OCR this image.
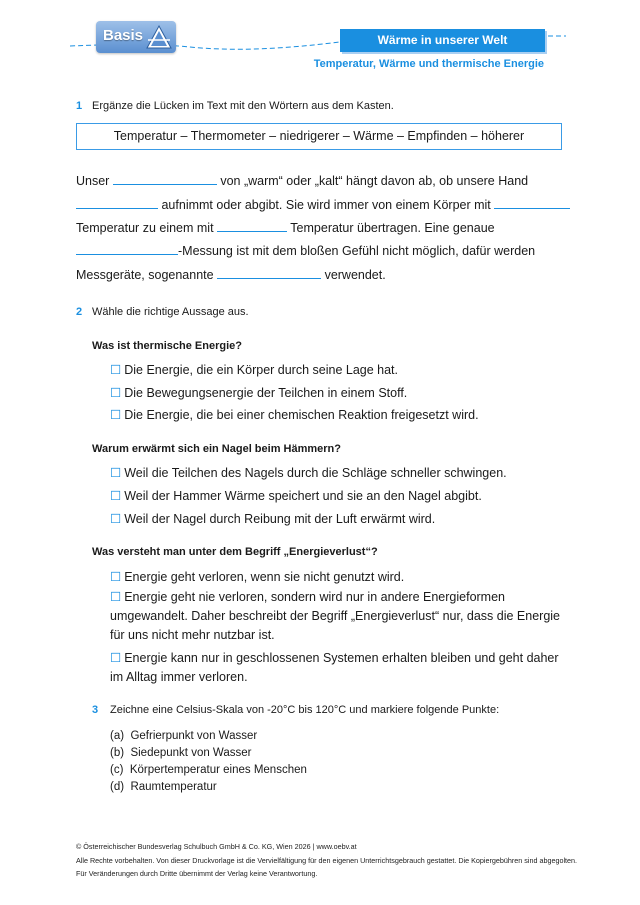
Basis	Wärme in unserer Welt
Temperatur, Wärme und thermische Energie
1 Ergänze die Lücken im Text mit den Wörtern aus dem Kasten.
Temperatur – Thermometer – niedrigerer – Wärme – Empfinden – höherer
Unser	von „warm“ oder „kalt“ hängt davon ab, ob unsere Hand
aufnimmt oder abgibt. Sie wird immer von einem Körper mit
Temperatur zu einem mit	Temperatur übertragen. Eine genaue
-Messung ist mit dem bloßen Gefühl nicht möglich, dafür werden
Messgeräte, sogenannte	verwendet.
2 Wähle die richtige Aussage aus.
Was ist thermische Energie?
☐ Die Energie, die ein Körper durch seine Lage hat.
☐ Die Bewegungsenergie der Teilchen in einem Stoff.
☐ Die Energie, die bei einer chemischen Reaktion freigesetzt wird.
Warum erwärmt sich ein Nagel beim Hämmern?
☐ Weil die Teilchen des Nagels durch die Schläge schneller schwingen.
☐ Weil der Hammer Wärme speichert und sie an den Nagel abgibt.
☐ Weil der Nagel durch Reibung mit der Luft erwärmt wird.
Was versteht man unter dem Begriff „Energieverlust“?
☐ Energie geht verloren, wenn sie nicht genutzt wird.
☐ Energie geht nie verloren, sondern wird nur in andere Energieformen umgewandelt. Daher beschreibt der Begriff „Energieverlust“ nur, dass die Energie für uns nicht mehr nutzbar ist.
☐ Energie kann nur in geschlossenen Systemen erhalten bleiben und geht daher im Alltag immer verloren.
3 Zeichne eine Celsius-Skala von -20°C bis 120°C und markiere folgende Punkte:
(a) Gefrierpunkt von Wasser
(b) Siedepunkt von Wasser
(c) Körpertemperatur eines Menschen
(d) Raumtemperatur
© Österreichischer Bundesverlag Schulbuch GmbH & Co. KG, Wien 2026 | www.oebv.at
Alle Rechte vorbehalten. Von dieser Druckvorlage ist die Vervielfältigung für den eigenen Unterrichtsgebrauch gestattet. Die Kopiergebühren sind abgegolten.
Für Veränderungen durch Dritte übernimmt der Verlag keine Verantwortung.
